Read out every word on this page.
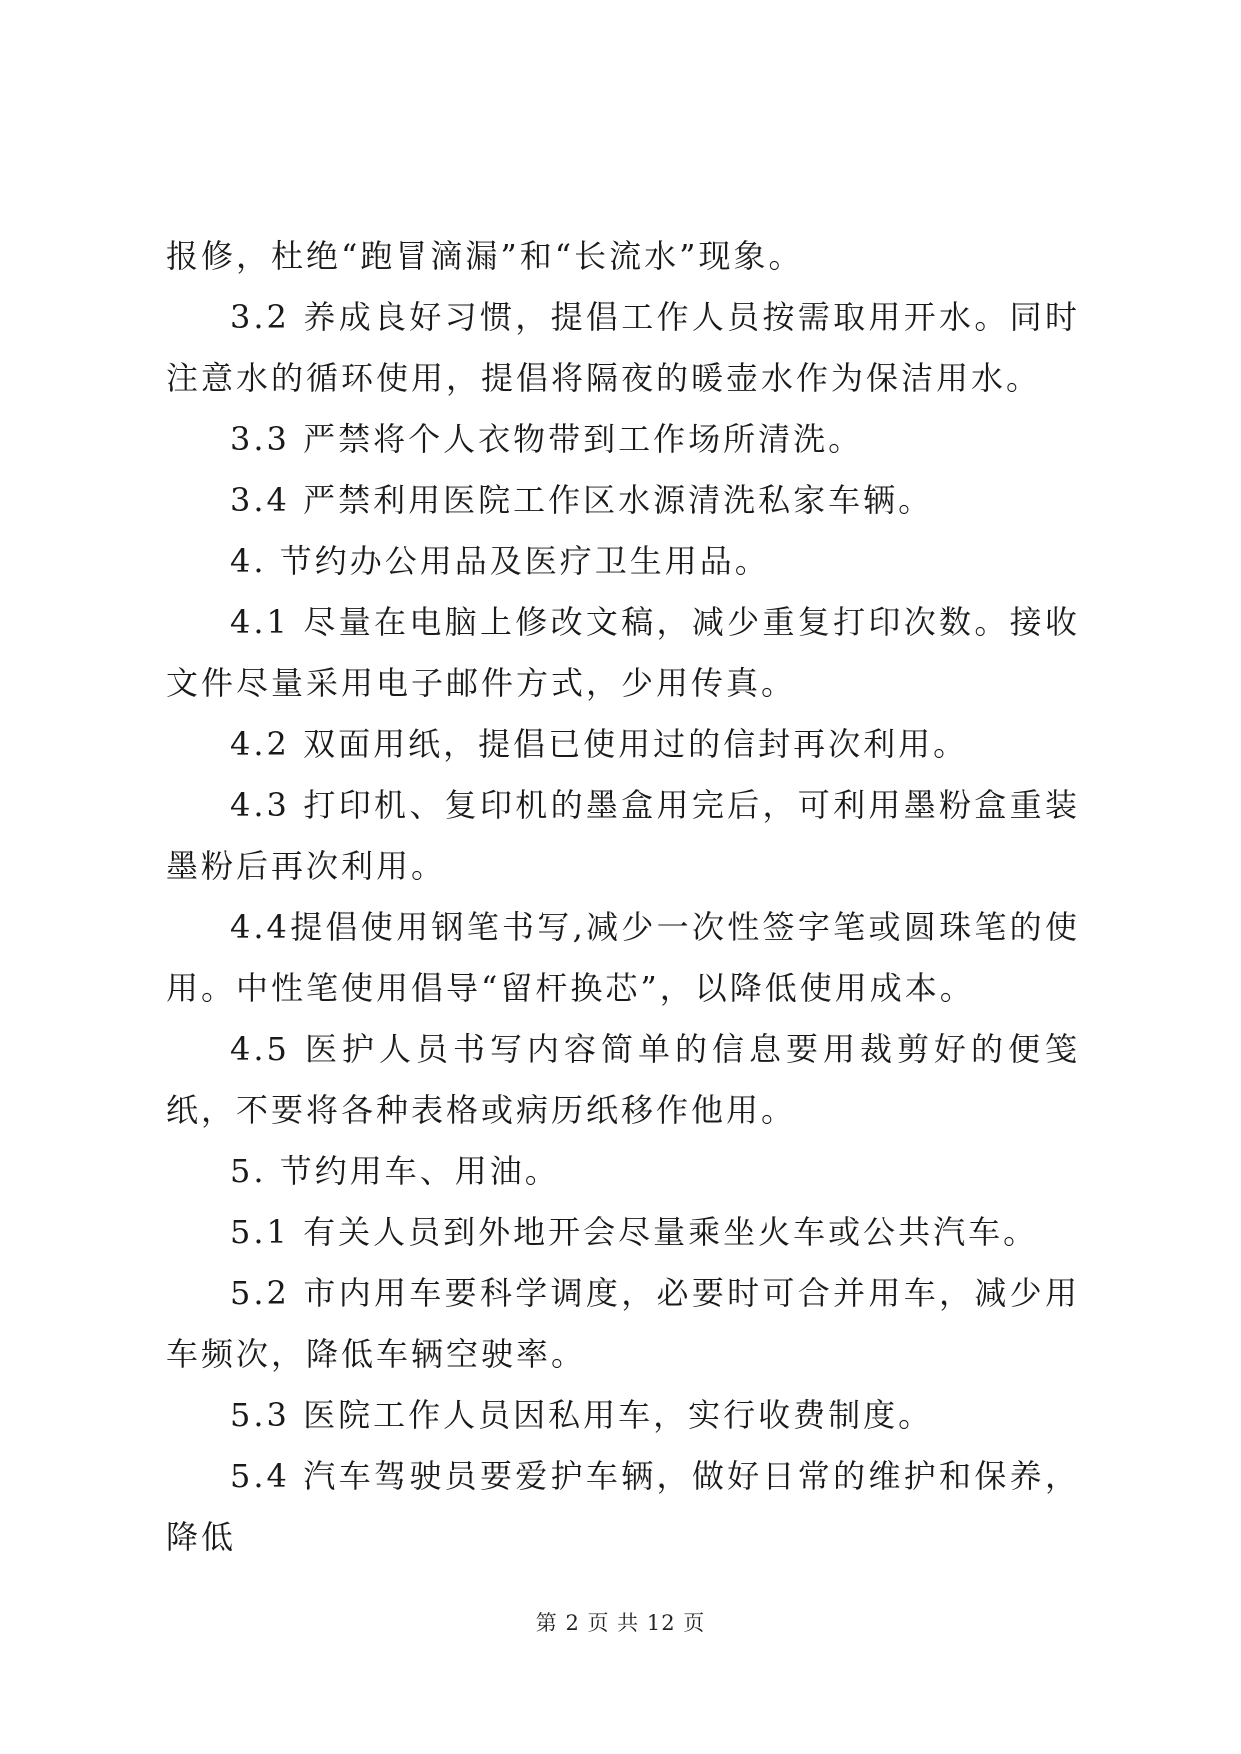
报修，杜绝“跑冒滴漏”和“长流水”现象。

3.2 养成良好习惯，提倡工作人员按需取用开水。同时注意水的循环使用，提倡将隔夜的暖壶水作为保洁用水。

3.3 严禁将个人衣物带到工作场所清洗。

3.4 严禁利用医院工作区水源清洗私家车辆。

4. 节约办公用品及医疗卫生用品。

4.1 尽量在电脑上修改文稿，减少重复打印次数。接收文件尽量采用电子邮件方式，少用传真。

4.2 双面用纸，提倡已使用过的信封再次利用。

4.3 打印机、复印机的墨盒用完后，可利用墨粉盒重装墨粉后再次利用。

4.4提倡使用钢笔书写,减少一次性签字笔或圆珠笔的使用。中性笔使用倡导“留杆换芯”，以降低使用成本。

4.5 医护人员书写内容简单的信息要用裁剪好的便笺纸，不要将各种表格或病历纸移作他用。

5. 节约用车、用油。

5.1 有关人员到外地开会尽量乘坐火车或公共汽车。

5.2 市内用车要科学调度，必要时可合并用车，减少用车频次，降低车辆空驶率。

5.3 医院工作人员因私用车，实行收费制度。

5.4 汽车驾驶员要爱护车辆，做好日常的维护和保养，降低

第 2 页 共 12 页
